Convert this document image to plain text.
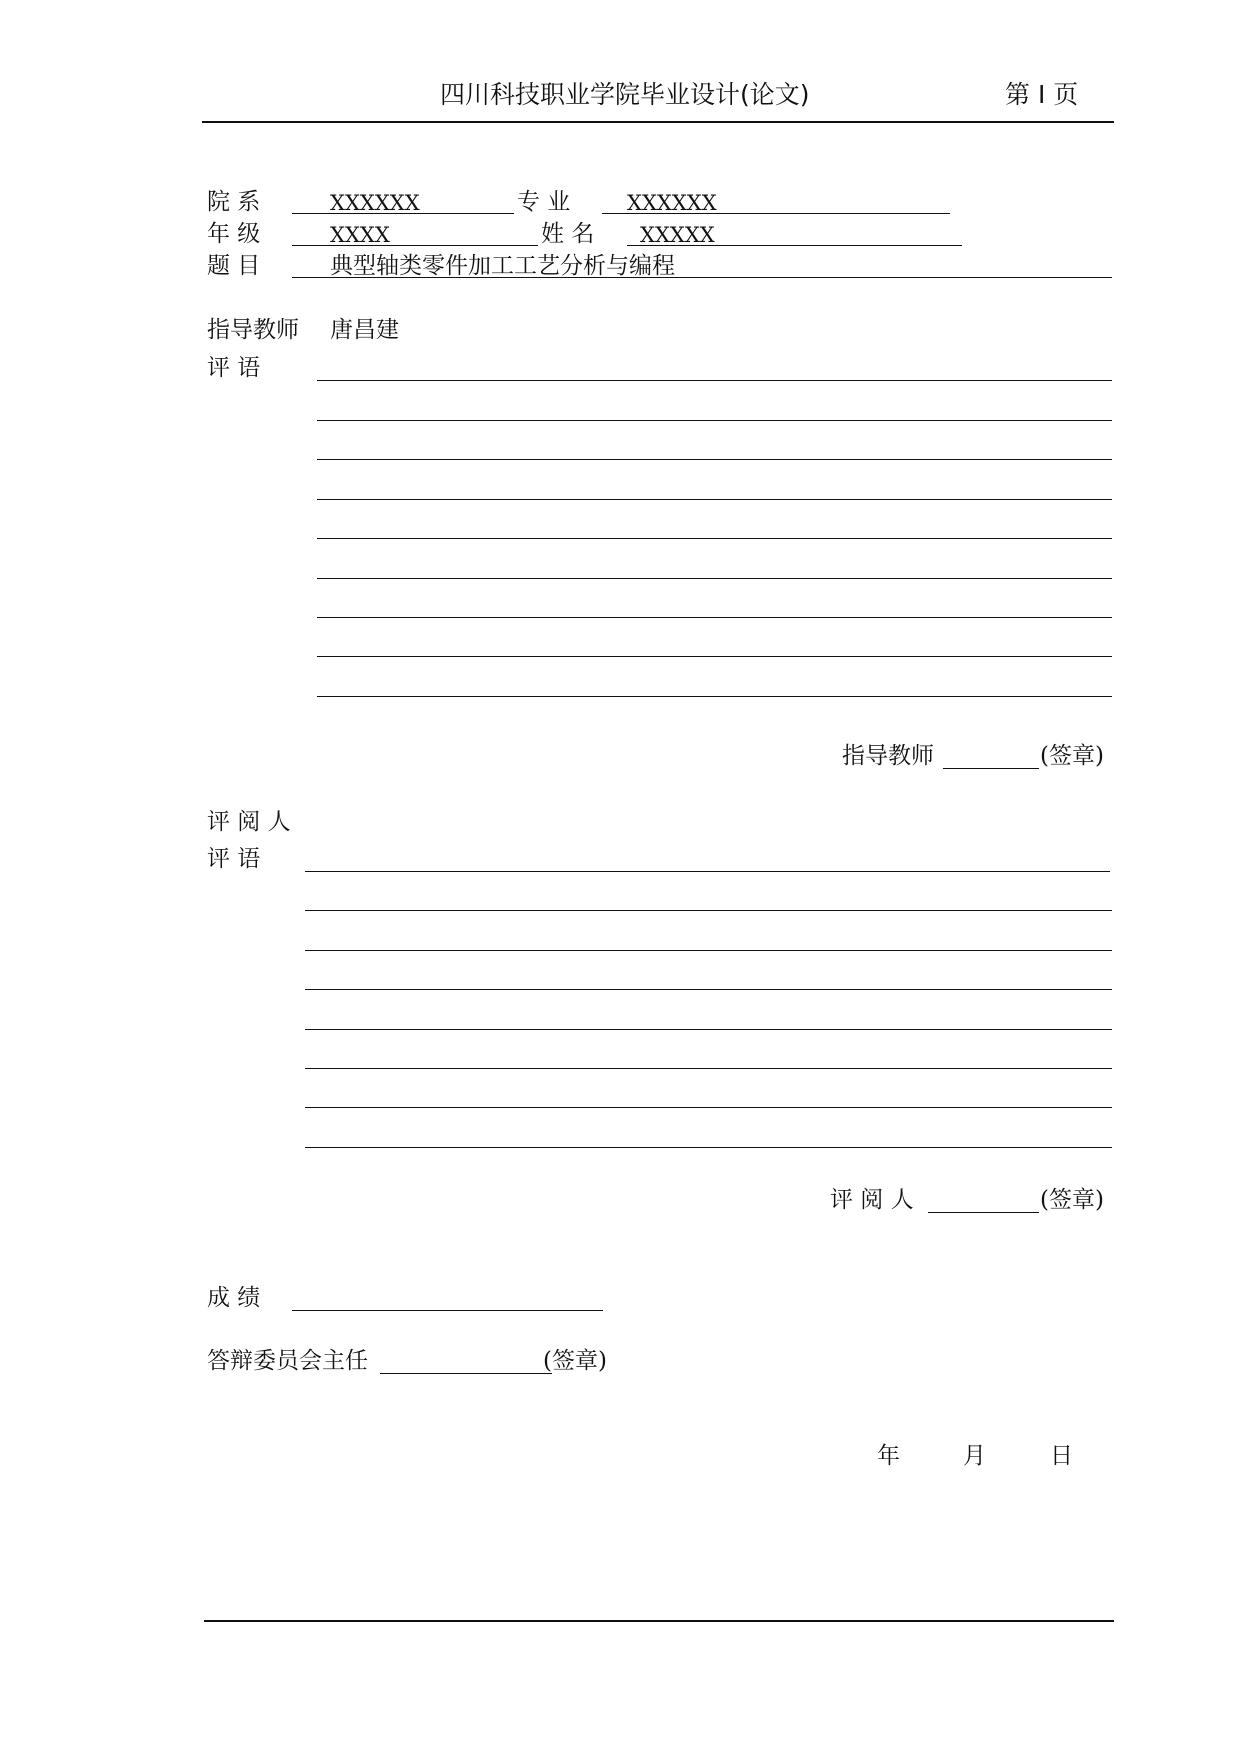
四川科技职业学院毕业设计(论文)	第 I 页
院 系	XXXXXX	专 业	XXXXXX
年 级	XXXX	姓 名 XXXXX
题 目	典型轴类零件加工工艺分析与编程
指导教师 唐昌建
评 语
指导教师	(签章)
评 阅 人
评 语
评 阅 人	(签章)
成 绩
答辩委员会主任	(签章)
年	月	日
